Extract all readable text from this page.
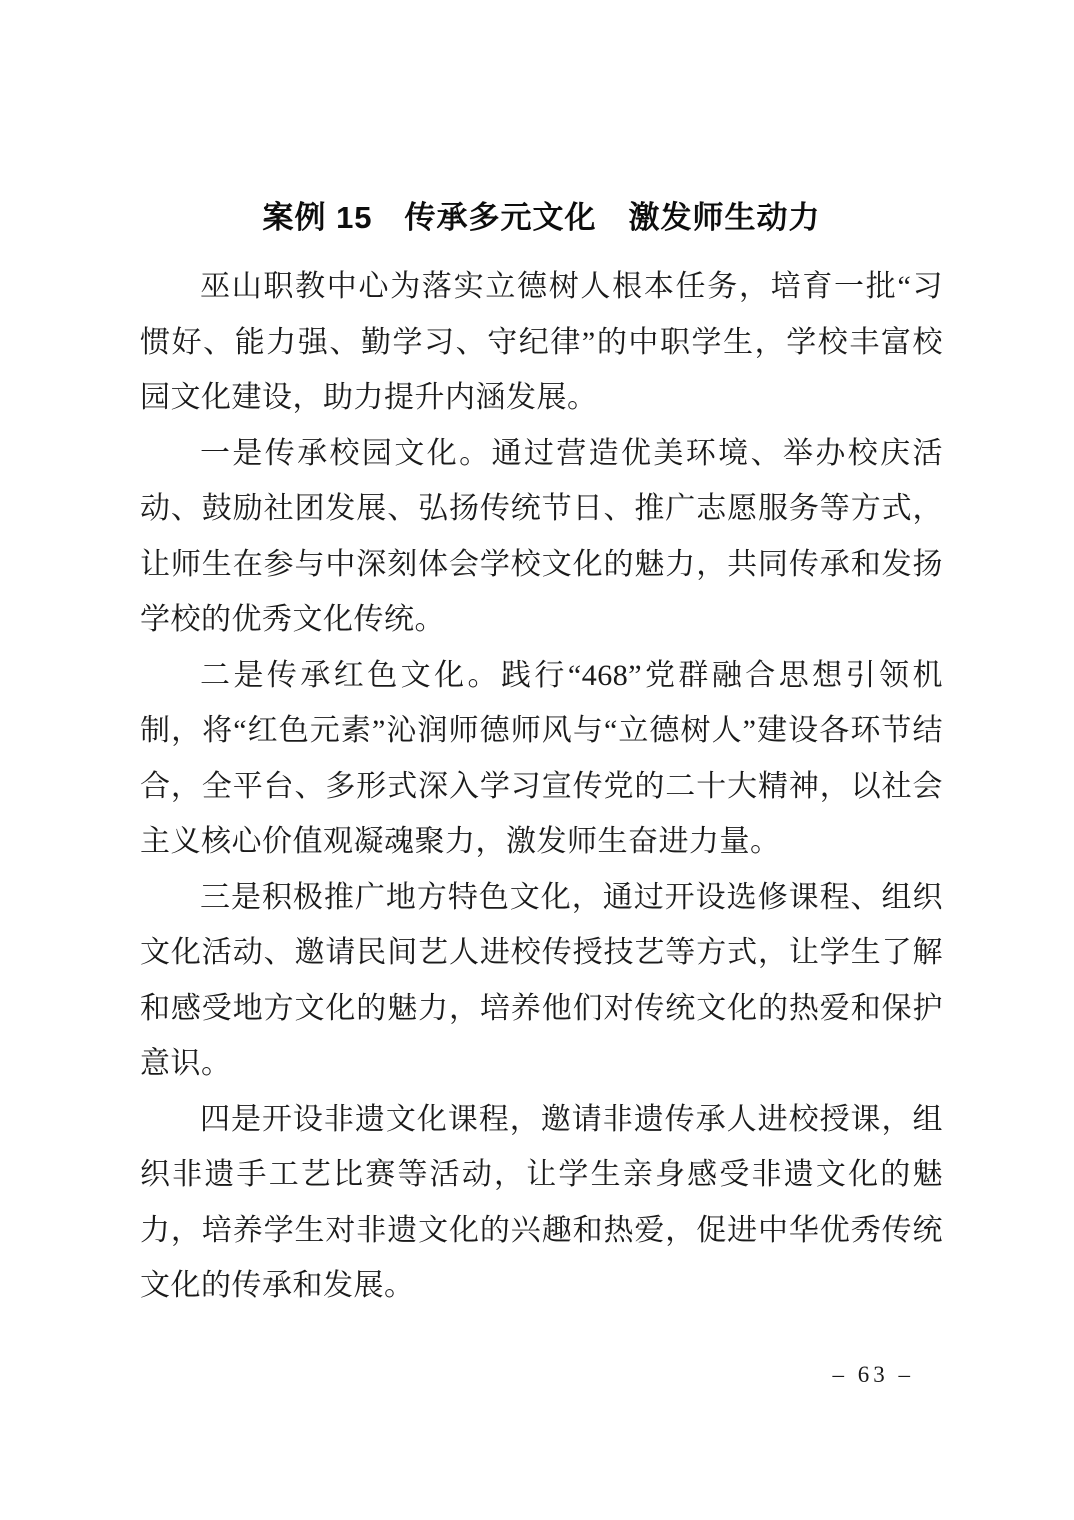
案例 15　传承多元文化　激发师生动力

巫山职教中心为落实立德树人根本任务，培育一批“习惯好、能力强、勤学习、守纪律”的中职学生，学校丰富校园文化建设，助力提升内涵发展。

一是传承校园文化。通过营造优美环境、举办校庆活动、鼓励社团发展、弘扬传统节日、推广志愿服务等方式，让师生在参与中深刻体会学校文化的魅力，共同传承和发扬学校的优秀文化传统。

二是传承红色文化。践行“468”党群融合思想引领机制，将“红色元素”沁润师德师风与“立德树人”建设各环节结合，全平台、多形式深入学习宣传党的二十大精神，以社会主义核心价值观凝魂聚力，激发师生奋进力量。

三是积极推广地方特色文化，通过开设选修课程、组织文化活动、邀请民间艺人进校传授技艺等方式，让学生了解和感受地方文化的魅力，培养他们对传统文化的热爱和保护意识。

四是开设非遗文化课程，邀请非遗传承人进校授课，组织非遗手工艺比赛等活动，让学生亲身感受非遗文化的魅力，培养学生对非遗文化的兴趣和热爱，促进中华优秀传统文化的传承和发展。

– 63 –
